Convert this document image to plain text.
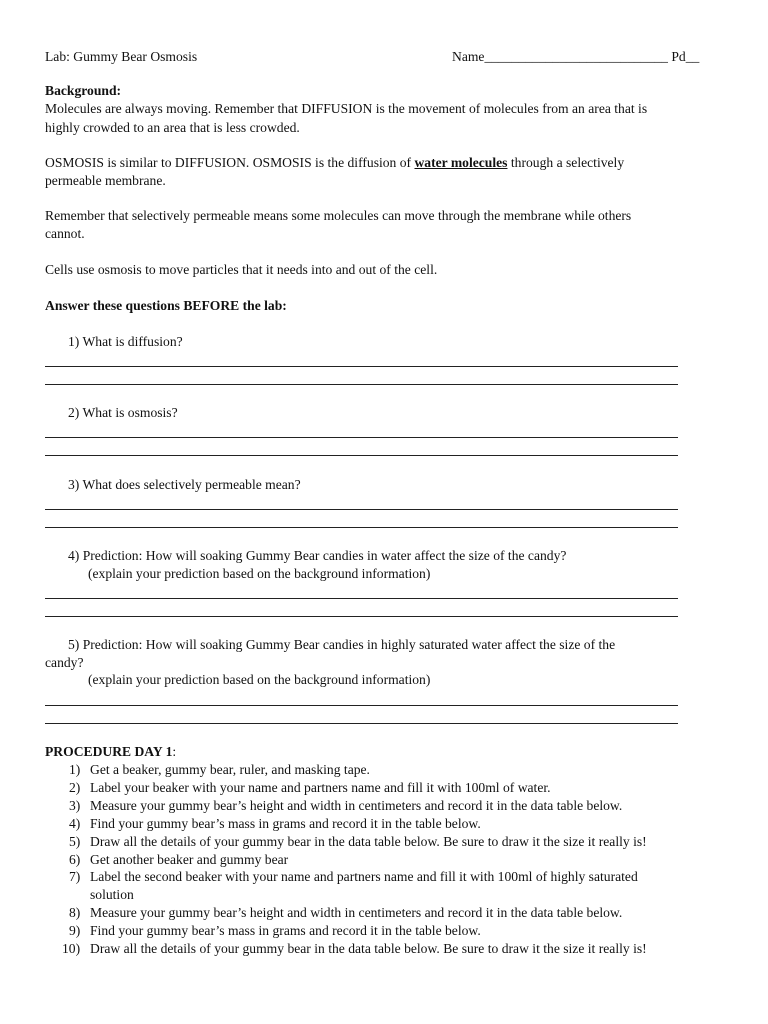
Lab: Gummy Bear Osmosis	Name___________________________ Pd__
Background:
Molecules are always moving. Remember that DIFFUSION is the movement of molecules from an area that is
highly crowded to an area that is less crowded.
OSMOSIS is similar to DIFFUSION. OSMOSIS is the diffusion of water molecules through a selectively
permeable membrane.
Remember that selectively permeable means some molecules can move through the membrane while others
cannot.
Cells use osmosis to move particles that it needs into and out of the cell.
Answer these questions BEFORE the lab:
1) What is diffusion?
2) What is osmosis?
3) What does selectively permeable mean?
4) Prediction: How will soaking Gummy Bear candies in water affect the size of the candy?
(explain your prediction based on the background information)
5) Prediction: How will soaking Gummy Bear candies in highly saturated water affect the size of the
candy?
(explain your prediction based on the background information)
PROCEDURE DAY 1:
1) Get a beaker, gummy bear, ruler, and masking tape.
2) Label your beaker with your name and partners name and fill it with 100ml of water.
3) Measure your gummy bear’s height and width in centimeters and record it in the data table below.
4) Find your gummy bear’s mass in grams and record it in the table below.
5) Draw all the details of your gummy bear in the data table below. Be sure to draw it the size it really is!
6) Get another beaker and gummy bear
7) Label the second beaker with your name and partners name and fill it with 100ml of highly saturated
solution
8) Measure your gummy bear’s height and width in centimeters and record it in the data table below.
9) Find your gummy bear’s mass in grams and record it in the table below.
10) Draw all the details of your gummy bear in the data table below. Be sure to draw it the size it really is!
